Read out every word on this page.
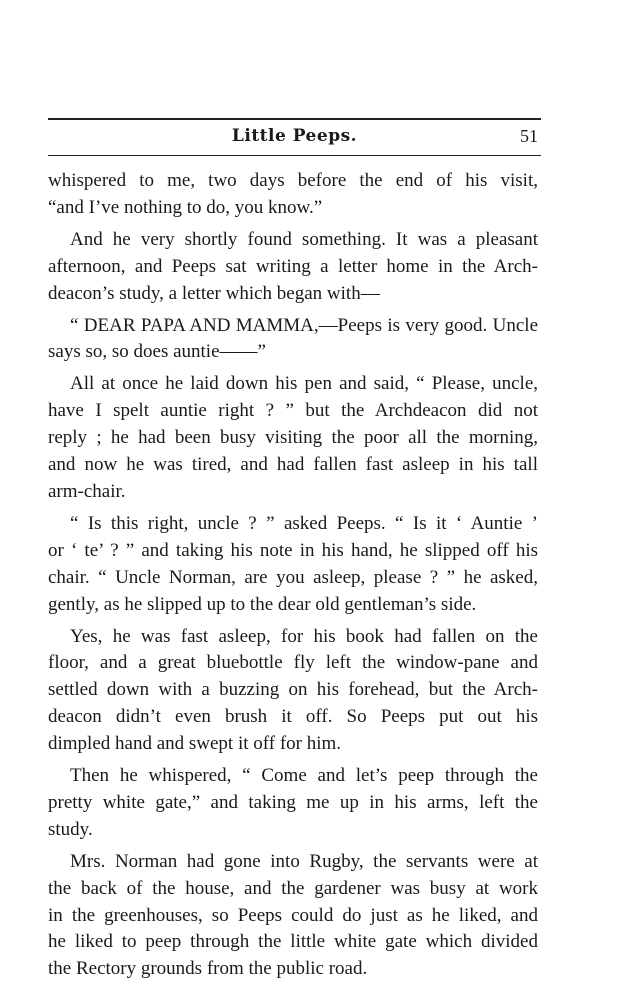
Little Peeps.	51
whispered to me, two days before the end of his visit,
“and I’ve nothing to do, you know.”
And he very shortly found something. It was a pleasant
afternoon, and Peeps sat writing a letter home in the Arch-
deacon’s study, a letter which began with—
“ DEAR PAPA AND MAMMA,—Peeps is very good. Uncle
says so, so does auntie——”
All at once he laid down his pen and said, “ Please, uncle,
have I spelt auntie right ? ” but the Archdeacon did not
reply ; he had been busy visiting the poor all the morning,
and now he was tired, and had fallen fast asleep in his tall
arm-chair.
“ Is this right, uncle ? ” asked Peeps. “ Is it ‘ Auntie ’
or ‘ te’ ? ” and taking his note in his hand, he slipped off his
chair. “ Uncle Norman, are you asleep, please ? ” he asked,
gently, as he slipped up to the dear old gentleman’s side.
Yes, he was fast asleep, for his book had fallen on the
floor, and a great bluebottle fly left the window-pane and
settled down with a buzzing on his forehead, but the Arch-
deacon didn’t even brush it off. So Peeps put out his
dimpled hand and swept it off for him.
Then he whispered, “ Come and let’s peep through the
pretty white gate,” and taking me up in his arms, left the
study.
Mrs. Norman had gone into Rugby, the servants were at
the back of the house, and the gardener was busy at work
in the greenhouses, so Peeps could do just as he liked, and
he liked to peep through the little white gate which divided
the Rectory grounds from the public road.
